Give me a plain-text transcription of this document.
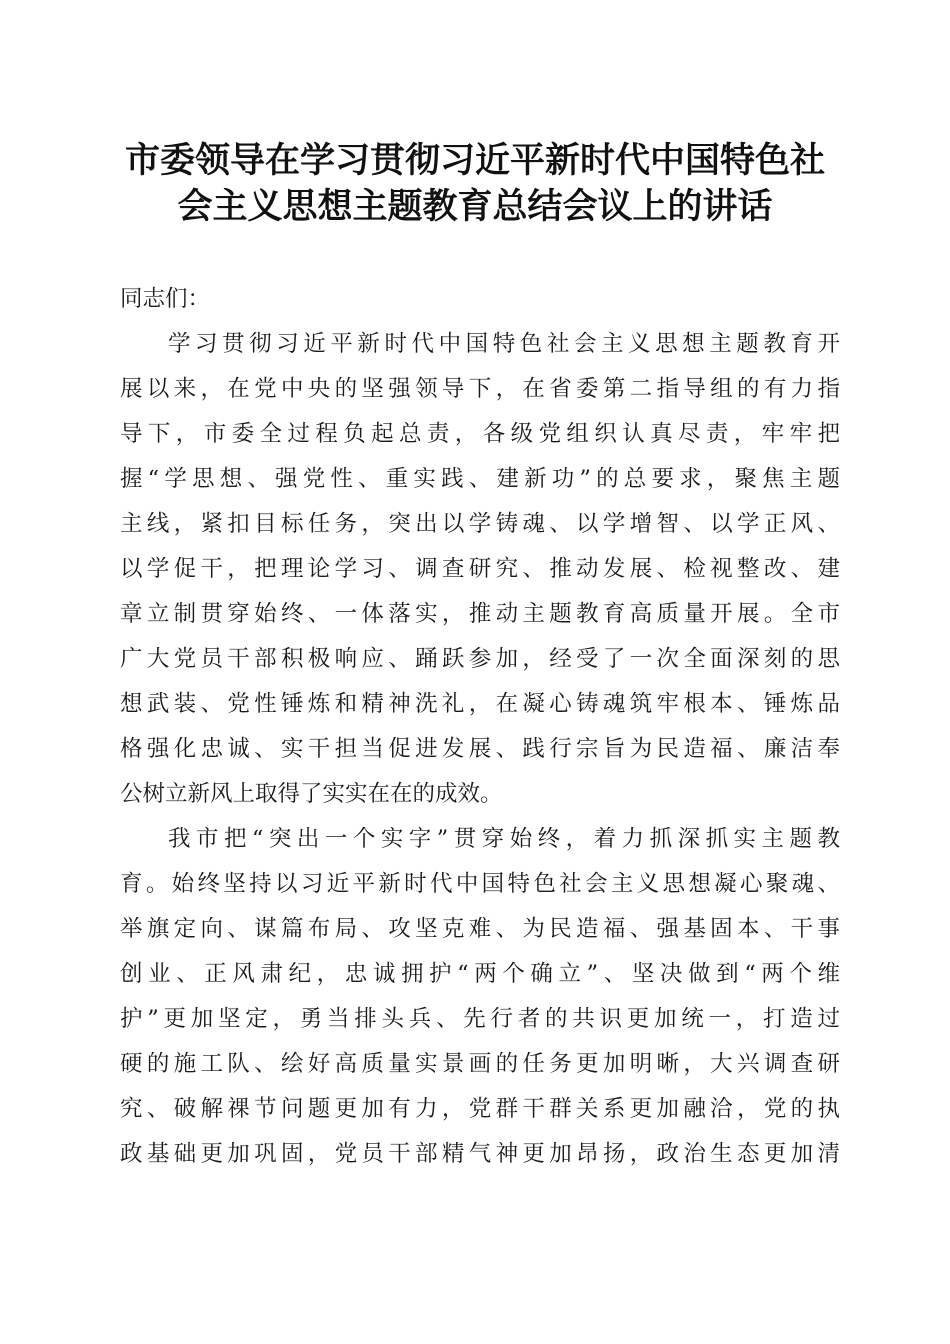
市委领导在学习贯彻习近平新时代中国特色社
会主义思想主题教育总结会议上的讲话
同志们：
学习贯彻习近平新时代中国特色社会主义思想主题教育开
展以来，在党中央的坚强领导下，在省委第二指导组的有力指
导下，市委全过程负起总责，各级党组织认真尽责，牢牢把
握“学思想、强党性、重实践、建新功”的总要求，聚焦主题
主线，紧扣目标任务，突出以学铸魂、以学增智、以学正风、
以学促干，把理论学习、调查研究、推动发展、检视整改、建
章立制贯穿始终、一体落实，推动主题教育高质量开展。全市
广大党员干部积极响应、踊跃参加，经受了一次全面深刻的思
想武装、党性锤炼和精神洗礼，在凝心铸魂筑牢根本、锤炼品
格强化忠诚、实干担当促进发展、践行宗旨为民造福、廉洁奉
公树立新风上取得了实实在在的成效。
我市把“突出一个实字”贯穿始终，着力抓深抓实主题教
育。始终坚持以习近平新时代中国特色社会主义思想凝心聚魂、
举旗定向、谋篇布局、攻坚克难、为民造福、强基固本、干事
创业、正风肃纪，忠诚拥护“两个确立”、坚决做到“两个维
护”更加坚定，勇当排头兵、先行者的共识更加统一，打造过
硬的施工队、绘好高质量实景画的任务更加明晰，大兴调查研
究、破解祼节问题更加有力，党群干群关系更加融洽，党的执
政基础更加巩固，党员干部精气神更加昂扬，政治生态更加清
